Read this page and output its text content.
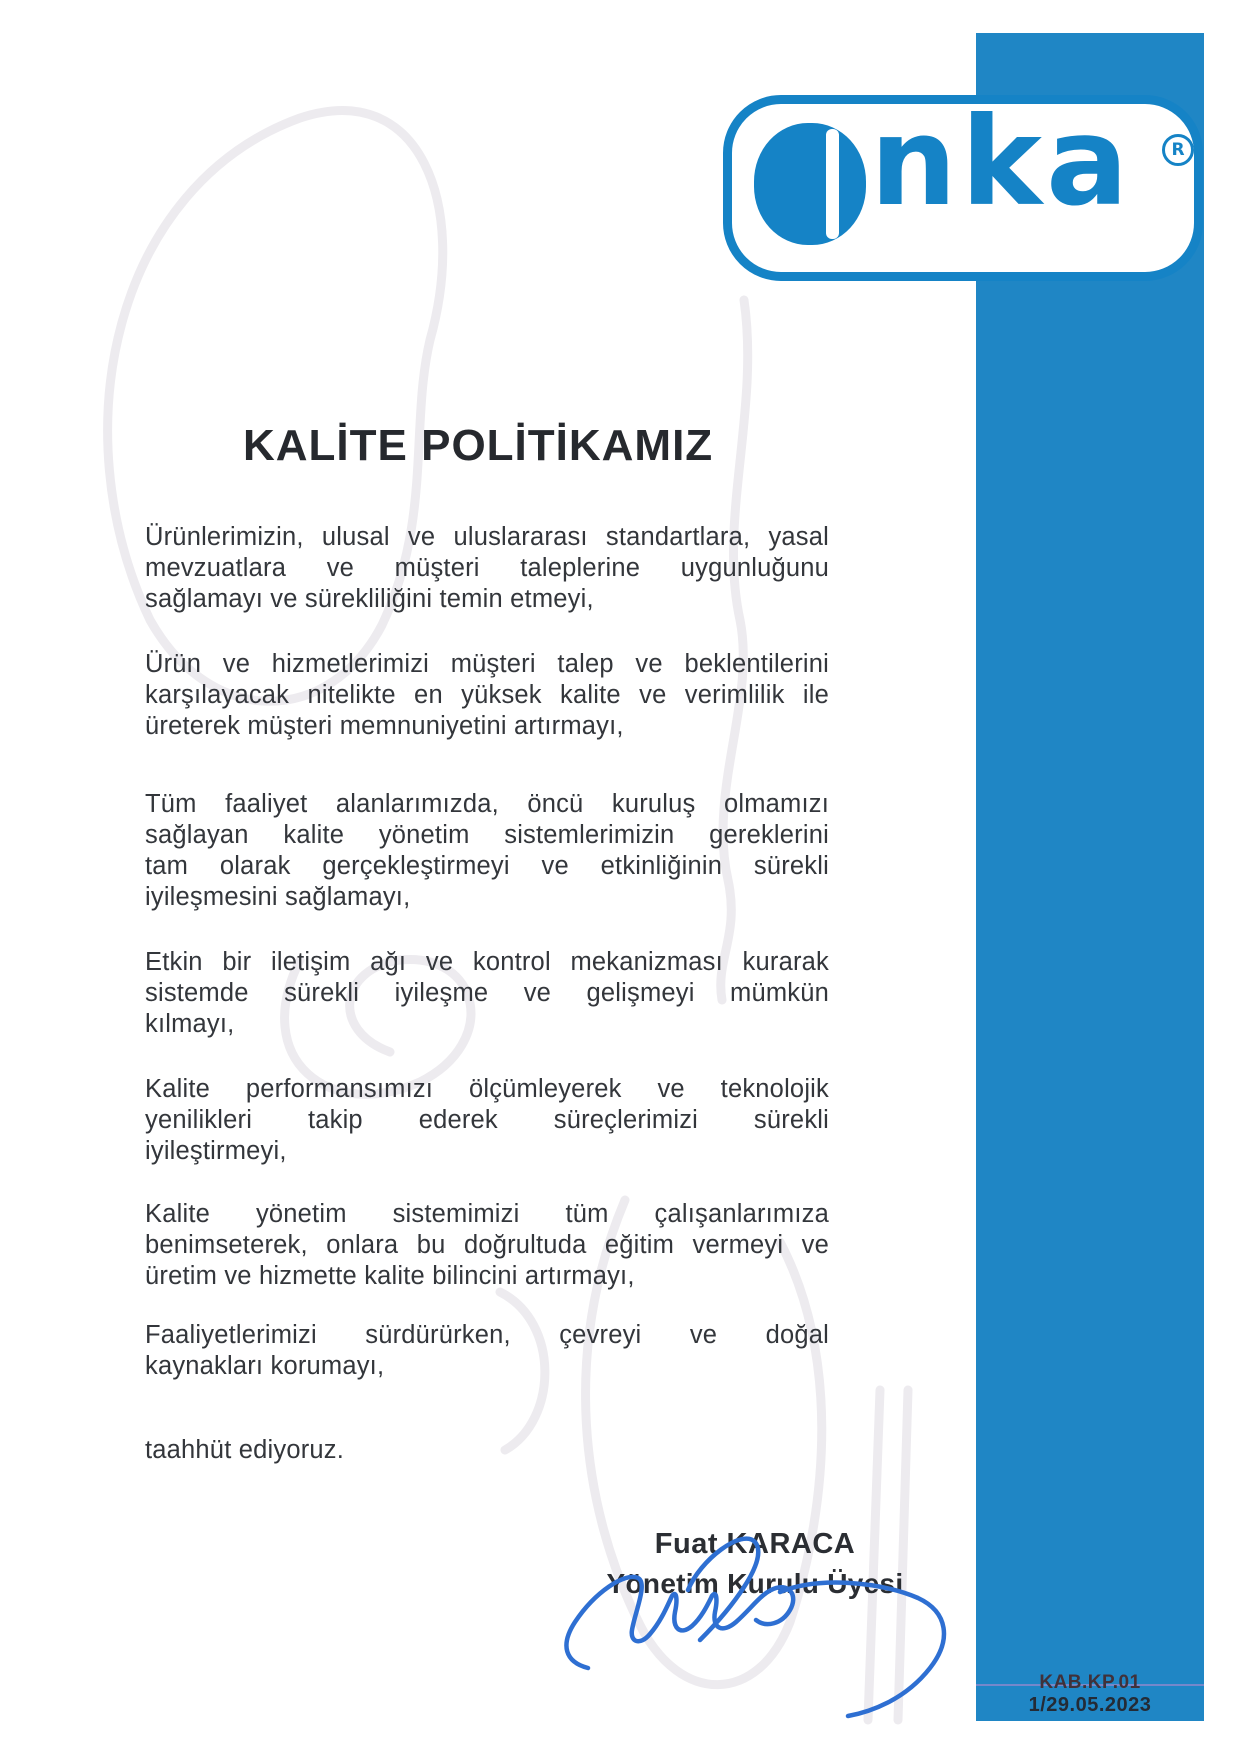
nka	R
KALİTE POLİTİKAMIZ
Ürünlerimizin, ulusal ve uluslararası standartlara, yasal
mevzuatlara ve müşteri taleplerine uygunluğunu
sağlamayı ve sürekliliğini temin etmeyi,
Ürün ve hizmetlerimizi müşteri talep ve beklentilerini
karşılayacak nitelikte en yüksek kalite ve verimlilik ile
üreterek müşteri memnuniyetini artırmayı,
Tüm faaliyet alanlarımızda, öncü kuruluş olmamızı
sağlayan kalite yönetim sistemlerimizin gereklerini
tam olarak gerçekleştirmeyi ve etkinliğinin sürekli
iyileşmesini sağlamayı,
Etkin bir iletişim ağı ve kontrol mekanizması kurarak
sistemde sürekli iyileşme ve gelişmeyi mümkün
kılmayı,
Kalite performansımızı ölçümleyerek ve teknolojik
yenilikleri takip ederek süreçlerimizi sürekli
iyileştirmeyi,
Kalite yönetim sistemimizi tüm çalışanlarımıza
benimseterek, onlara bu doğrultuda eğitim vermeyi ve
üretim ve hizmette kalite bilincini artırmayı,
Faaliyetlerimizi sürdürürken, çevreyi ve doğal
kaynakları korumayı,
taahhüt ediyoruz.
Fuat KARACA
Yönetim Kurulu Üyesi
KAB.KP.01
1/29.05.2023
